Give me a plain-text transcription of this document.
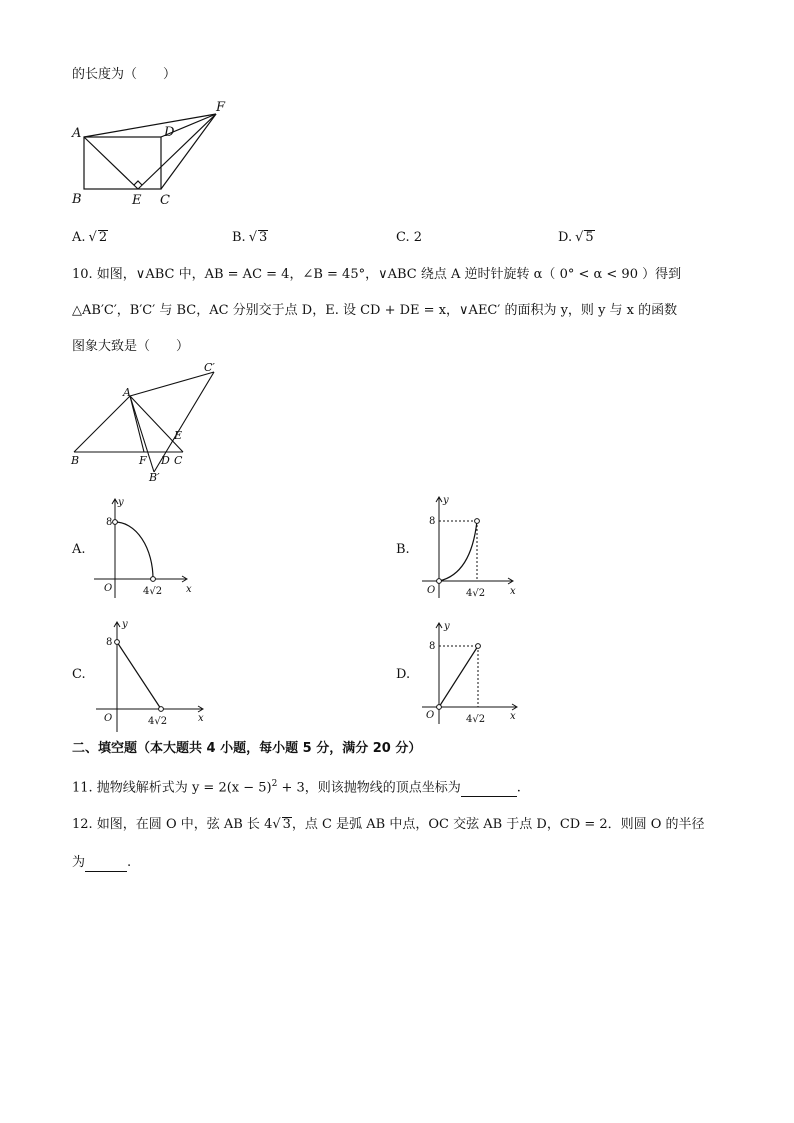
的长度为（　　）
A	D
F
B	E C
A. √ 2	B. √ 3	C. 2	D. √ 5
10. 如图，∨ABC 中，AB = AC = 4，∠B = 45°，∨ABC 绕点 A 逆时针旋转 α（ 0° < α < 90 ）得到
△AB′C′，B′C′ 与 BC，AC 分别交于点 D，E. 设 CD + DE = x，∨AEC′ 的面积为 y，则 y 与 x 的函数
图象大致是（　　）
A
C′
E
B	F D C
B′
A.
y
x
O
8
4√2
B.
y
x
O
8
4√2
C.
y
x
O
8
4√2
D.
y
x
O
8
4√2
二、填空题（本大题共 4 小题，每小题 5 分，满分 20 分）
11. 抛物线解析式为 $y = 2(x - 5)^2 + 3$，则该抛物线的顶点坐标为	.
12. 如图，在圆 O 中，弦 AB 长 4√ 3，点 C 是弧 AB 中点，OC 交弦 AB 于点 D，CD = 2．则圆 O 的半径
为	.
